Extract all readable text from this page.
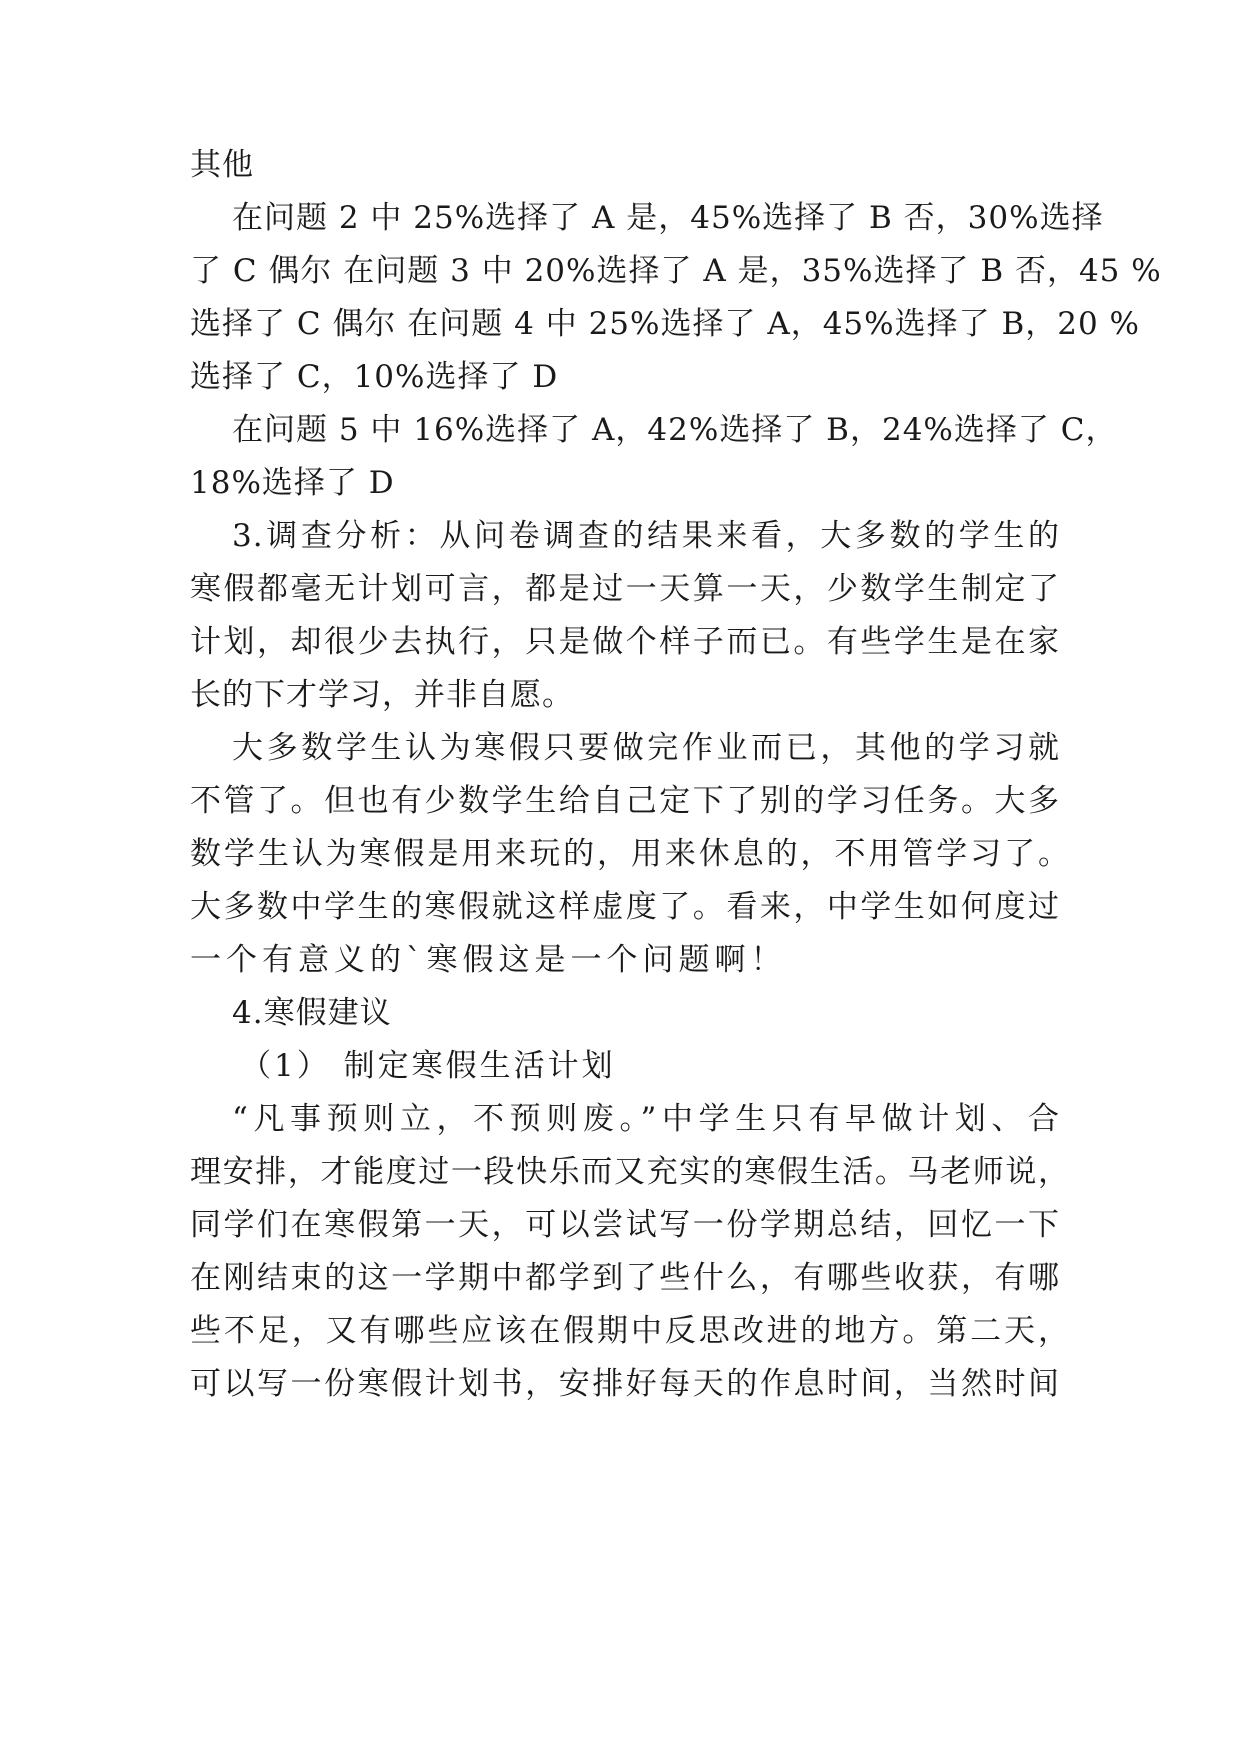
其他
在问题 2 中 25%选择了 A 是，45%选择了 B 否，30%选择
了 C 偶尔 在问题 3 中 20%选择了 A 是，35%选择了 B 否，45 %
选择了 C 偶尔 在问题 4 中 25%选择了 A，45%选择了 B，20 %
选择了 C，10%选择了 D
在问题 5 中 16%选择了 A，42%选择了 B，24%选择了 C，
18%选择了 D
3.调查分析：从问卷调查的结果来看，大多数的学生的
寒假都毫无计划可言，都是过一天算一天，少数学生制定了
计划，却很少去执行，只是做个样子而已。有些学生是在家
长的下才学习，并非自愿。
大多数学生认为寒假只要做完作业而已，其他的学习就
不管了。但也有少数学生给自己定下了别的学习任务。大多
数学生认为寒假是用来玩的，用来休息的，不用管学习了。
大多数中学生的寒假就这样虚度了。看来，中学生如何度过
一个有意义的`寒假这是一个问题啊！
4.寒假建议
（1） 制定寒假生活计划
“凡事预则立，不预则废。”中学生只有早做计划、合
理安排，才能度过一段快乐而又充实的寒假生活。马老师说，
同学们在寒假第一天，可以尝试写一份学期总结，回忆一下
在刚结束的这一学期中都学到了些什么，有哪些收获，有哪
些不足，又有哪些应该在假期中反思改进的地方。第二天，
可以写一份寒假计划书，安排好每天的作息时间，当然时间
